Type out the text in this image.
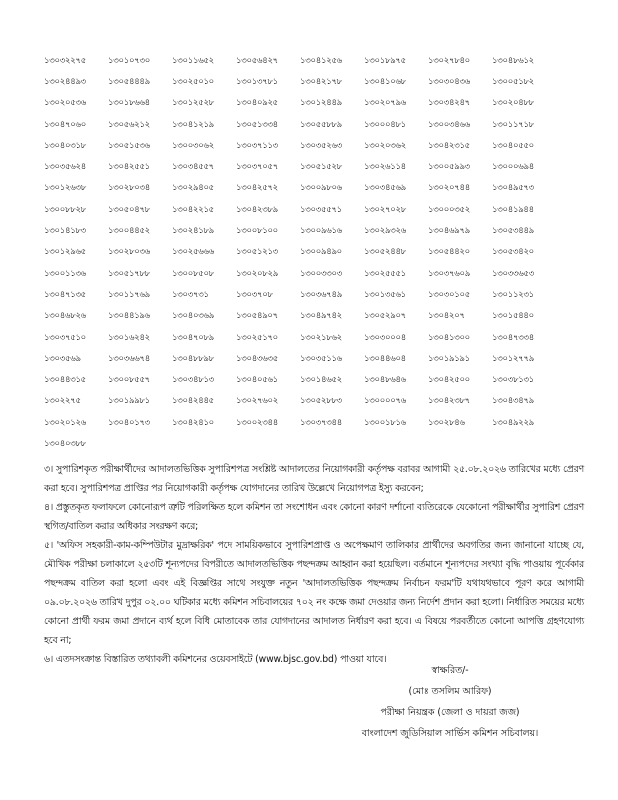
১৩০৩২২৭৫	১৩০১০৭৩০	১৩০১১৬৫২	১৩০৫৬৪২৭	১৩০৪১২৫৬	১৩০১৮৯৭৫	১৩০২৭৮৪০	১৩০৪৮৬১২
১৩০২৪৪৯৩	১৩০৫৪৪৪৯	১৩০২৫০১০	১৩০১৩৭৮১	১৩০৪২১৭৮	১৩০৪১০৬৮	১৩০৩০৪৩৬	১৩০০৫১৮২
১৩০২০৫৩৬	১৩০১৮৬৬৪	১৩০১২৫২৮	১৩০৪০৯২৫	১৩০১২৪৪৯	১৩০২০৭৯৬	১৩০৩৪২৪৭	১৩০২০৪৮৮
১৩০৪৭০৬০	১৩০৫৬২১২	১৩০৪১২১৯	১৩০৫১৩৩৪	১৩০৫৫৮৮৯	১৩০০০৪৮১	১৩০০৩৪৬৬	১৩০১১৭১৮
১৩০৪০৩১৮	১৩০৫১৫৩৬	১৩০০৩০৬২	১৩০৩৭১১৩	১৩০৩৫২৬৩	১৩০২০৩৬২	১৩০৪২৩১৫	১৩০৪০৫৫০
১৩০৩৫৬২৪	১৩০৪২৫৫১	১৩০৩৪৫৫৭	১৩০৩৭০৫৭	১৩০৫১৫২৮	১৩০২৬১১৪	১৩০০৫৯৯৩	১৩০০০৬৯৪
১৩০১২৬৩৮	১৩০২৮০৩৪	১৩০২৯৪০৫	১৩০৪২৫৭২	১৩০০৯৮০৬	১৩০৩৪৫৬৯	১৩০২০৭৪৪	১৩০৪৯৫৭৩
১৩০০৮৮২৮	১৩০৫০৪৭৮	১৩০৪২২১৫	১৩০৪২৩৮৯	১৩০৩৫৫৭১	১৩০২৭০২৮	১৩০০০৩৫২	১৩০৪১৯৪৪
১৩০১৪১৮৩	১৩০০৪৪৫২	১৩০২৪১৮৯	১৩০০৮১০০	১৩০০৯৬১৬	১৩০২৯৩২৬	১৩০৪৬৯৭৯	১৩০৫৩৪৪৯
১৩০১২৯৬৫	১৩০২৮০৩৬	১৩০২৫৬৬৬	১৩০৫১২১৩	১৩০০৯৪৯০	১৩০৫২৪৪৮	১৩০৫৪৪২০	১৩০৫৩৪২০
১৩০০১১৩৬	১৩০৫১৭৮৮	১৩০০৮৫০৮	১৩০২০৮২৯	১৩০০৩৩০৩	১৩০২৫৫৫১	১৩০৩৭৬০৯	১৩০৩৩৬৫৩
১৩০৪৭১৩৫	১৩০১১৭৬৯	১৩০৩৭৩১	১৩০৩৭০৮	১৩০৩৬৭৪৯	১৩০১৩৫৬১	১৩০৩০১০৫	১৩০১১২৩১
১৩০৪৬৮২৬	১৩০৪৪১৯৬	১৩০৪০৩৬৯	১৩০৫৪৯০৭	১৩০৪৯৭৪২	১৩০৫২৯০৭	১৩০৪২০৭	১৩০১৫৪৪০
১৩০৩৭৫১০	১৩০১৬২৪২	১৩০৪৭০৮৯	১৩০২৫১৭০	১৩০২১৮৬২	১৩০৩০০০৪	১৩০৪১৩০০	১৩০৪৭৩৩৪
১৩০৩৫৬৯	১৩০৩৬৬৭৪	১৩০৪৮৮৯৮	১৩০৪৩৬৩৫	১৩০৩৫১১৬	১৩০৪৪৬০৪	১৩০১৯১৯১	১৩০১২৭৭৯
১৩০৪৪৩১৫	১৩০০৮৫৫৭	১৩০৩৪৮১৩	১৩০৪০৫৬১	১৩০১৪৬৫২	১৩০৪৮৬৪৬	১৩০৪২৫০০	১৩০৩৮১৩১
১৩০২২৭৫	১৩০১৯৯৮১	১৩০৪২৪৪৫	১৩০২৭৬০২	১৩০৫২৮৮৩	১৩০০০০৭৬	১৩০৪২৩৮৭	১৩০৪৩৪৭৯
১৩০২০১২৬	১৩০৪০১৭৩	১৩০৪২৪১০	১৩০০২৩৪৪	১৩০৩৭৩৪৪	১৩০০১৮১৬	১৩০২৮৪৬	১৩০৪৯২২৯
১৩০৪০৩৮৮							

৩। সুপারিশকৃত পরীক্ষার্থীদের আদালতভিত্তিক সুপারিশপত্র সংশ্লিষ্ট আদালতের নিয়োগকারী কর্তৃপক্ষ বরাবর আগামী ২৫.০৮.২০২৬ তারিখের মধ্যে প্রেরণ করা হবে। সুপারিশপত্র প্রাপ্তির পর নিয়োগকারী কর্তৃপক্ষ যোগদানের তারিখ উল্লেখে নিয়োগপত্র ইস্যু করবেন;

৪। প্রস্তুতকৃত ফলাফলে কোনোরূপ ত্রুটি পরিলক্ষিত হলে কমিশন তা সংশোধন এবং কোনো কারণ দর্শানো ব্যতিরেকে যেকোনো পরীক্ষার্থীর সুপারিশ প্রেরণ স্থগিত/বাতিল করার অধিকার সংরক্ষণ করে;

৫। 'অফিস সহকারী-কাম-কম্পিউটার মুদ্রাক্ষরিক' পদে সাময়িকভাবে সুপারিশপ্রাপ্ত ও অপেক্ষমাণ তালিকার প্রার্থীদের অবগতির জন্য জানানো যাচ্ছে যে, মৌখিক পরীক্ষা চলাকালে ২৫৩টি শূন্যপদের বিপরীতে আদালতভিত্তিক পছন্দক্রম আহ্বান করা হয়েছিল। বর্তমানে শূন্যপদের সংখ্যা বৃদ্ধি পাওয়ায় পূর্বেকার পছন্দক্রম বাতিল করা হলো এবং এই বিজ্ঞপ্তির সাথে সংযুক্ত নতুন 'আদালতভিত্তিক পছন্দক্রম নির্বাচন ফরম'টি যথাযথভাবে পূরণ করে আগামী ০৯.০৮.২০২৬ তারিখ দুপুর ০২.০০ ঘটিকার মধ্যে কমিশন সচিবালয়ের ৭০২ নং কক্ষে জমা দেওয়ার জন্য নির্দেশ প্রদান করা হলো। নির্ধারিত সময়ের মধ্যে কোনো প্রার্থী ফরম জমা প্রদানে ব্যর্থ হলে বিধি মোতাবেক তার যোগদানের আদালত নির্ধারণ করা হবে। এ বিষয়ে পরবর্তীতে কোনো আপত্তি গ্রহণযোগ্য হবে না;

৬। এতদসংক্রান্ত বিস্তারিত তথ্যাবলী কমিশনের ওয়েবসাইটে (www.bjsc.gov.bd) পাওয়া যাবে।

স্বাক্ষরিত/-
(মোঃ তসলিম আরিফ)
পরীক্ষা নিয়ন্ত্রক (জেলা ও দায়রা জজ)
বাংলাদেশ জুডিসিয়াল সার্ভিস কমিশন সচিবালয়।
